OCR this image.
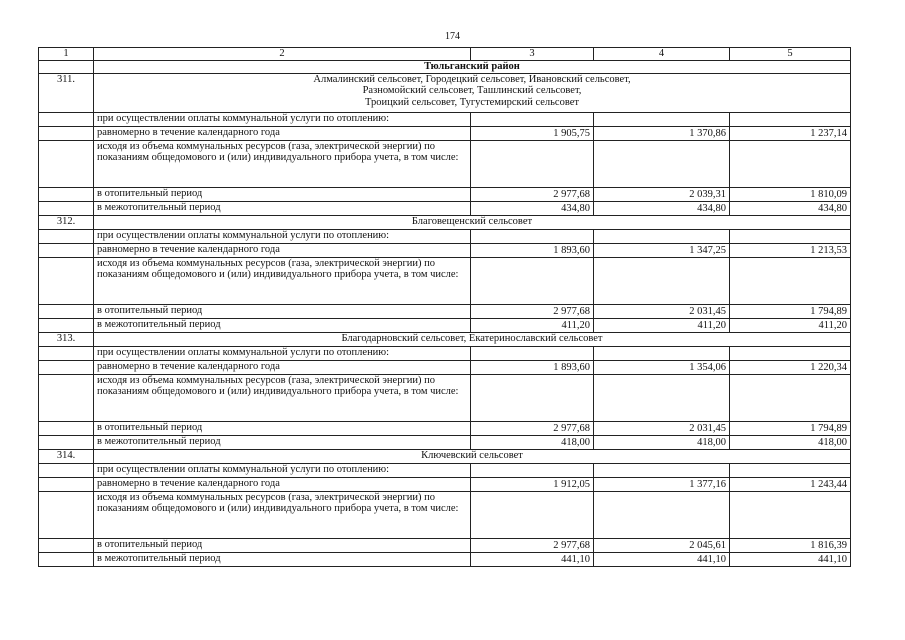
174
1	2	3	4	5
	Тюльганский район			
311.	Алмалинский сельсовет, Городецкий сельсовет, Ивановский сельсовет,
Разномойский сельсовет, Ташлинский сельсовет,
Троицкий сельсовет, Тугустемирский сельсовет			

	при осуществлении оплаты коммунальной услуги по отоплению:			
	равномерно в течение календарного года	1 905,75	1 370,86	1 237,14
	исходя из объема коммунальных ресурсов (газа, электрической энергии) по показаниям общедомового и (или) индивидуального прибора учета, в том числе:			
	в отопительный период	2 977,68	2 039,31	1 810,09
	в межотопительный период	434,80	434,80	434,80
312.	Благовещенский сельсовет			

	при осуществлении оплаты коммунальной услуги по отоплению:			
	равномерно в течение календарного года	1 893,60	1 347,25	1 213,53
	исходя из объема коммунальных ресурсов (газа, электрической энергии) по показаниям общедомового и (или) индивидуального прибора учета, в том числе:			
	в отопительный период	2 977,68	2 031,45	1 794,89
	в межотопительный период	411,20	411,20	411,20
313.	Благодарновский сельсовет, Екатеринославский сельсовет			

	при осуществлении оплаты коммунальной услуги по отоплению:			
	равномерно в течение календарного года	1 893,60	1 354,06	1 220,34
	исходя из объема коммунальных ресурсов (газа, электрической энергии) по показаниям общедомового и (или) индивидуального прибора учета, в том числе:			
	в отопительный период	2 977,68	2 031,45	1 794,89
	в межотопительный период	418,00	418,00	418,00
314.	Ключевский сельсовет			

	при осуществлении оплаты коммунальной услуги по отоплению:			
	равномерно в течение календарного года	1 912,05	1 377,16	1 243,44
	исходя из объема коммунальных ресурсов (газа, электрической энергии) по показаниям общедомового и (или) индивидуального прибора учета, в том числе:			
	в отопительный период	2 977,68	2 045,61	1 816,39
	в межотопительный период	441,10	441,10	441,10
